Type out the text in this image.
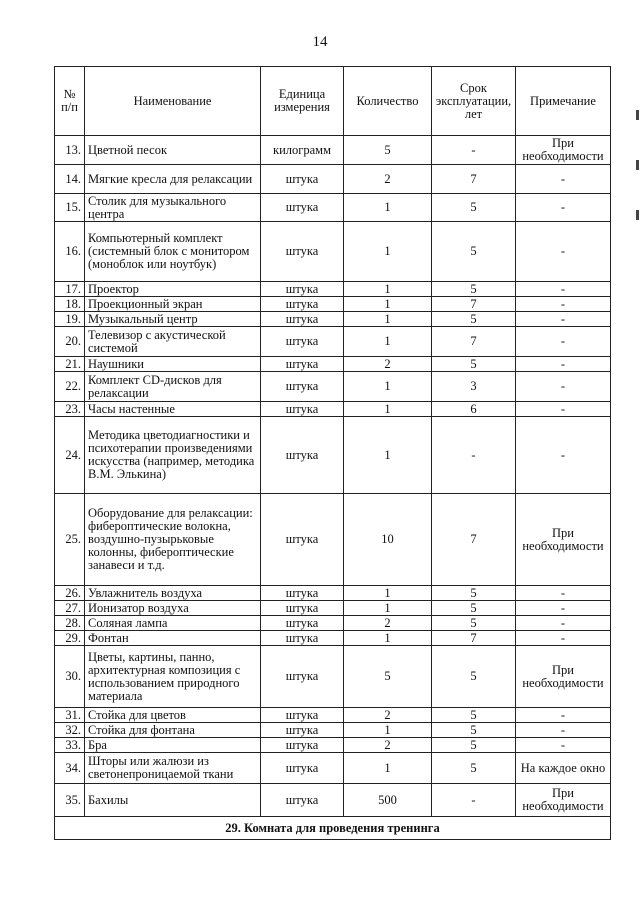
14
№ п/п	Наименование	Единица измерения	Количество	Срок эксплуатации, лет	Примечание
13.	Цветной песок	килограмм	5	-	При необходимости
14.	Мягкие кресла для релаксации	штука	2	7	-
15.	Столик для музыкального центра	штука	1	5	-
16.	Компьютерный комплект (системный блок с монитором (моноблок или ноутбук)	штука	1	5	-
17.	Проектор	штука	1	5	-
18.	Проекционный экран	штука	1	7	-
19.	Музыкальный центр	штука	1	5	-
20.	Телевизор с акустической системой	штука	1	7	-
21.	Наушники	штука	2	5	-
22.	Комплект CD-дисков для релаксации	штука	1	3	-
23.	Часы настенные	штука	1	6	-
24.	Методика цветодиагностики и психотерапии произведениями искусства (например, методика В.М. Элькина)	штука	1	-	-
25.	Оборудование для релаксации: фибероптические волокна, воздушно-пузырьковые колонны, фибероптические занавеси и т.д.	штука	10	7	При необходимости
26.	Увлажнитель воздуха	штука	1	5	-
27.	Ионизатор воздуха	штука	1	5	-
28.	Соляная лампа	штука	2	5	-
29.	Фонтан	штука	1	7	-
30.	Цветы, картины, панно, архитектурная композиция с использованием природного материала	штука	5	5	При необходимости
31.	Стойка для цветов	штука	2	5	-
32.	Стойка для фонтана	штука	1	5	-
33.	Бра	штука	2	5	-
34.	Шторы или жалюзи из светонепроницаемой ткани	штука	1	5	На каждое окно
35.	Бахилы	штука	500	-	При необходимости
29. Комната для проведения тренинга					
